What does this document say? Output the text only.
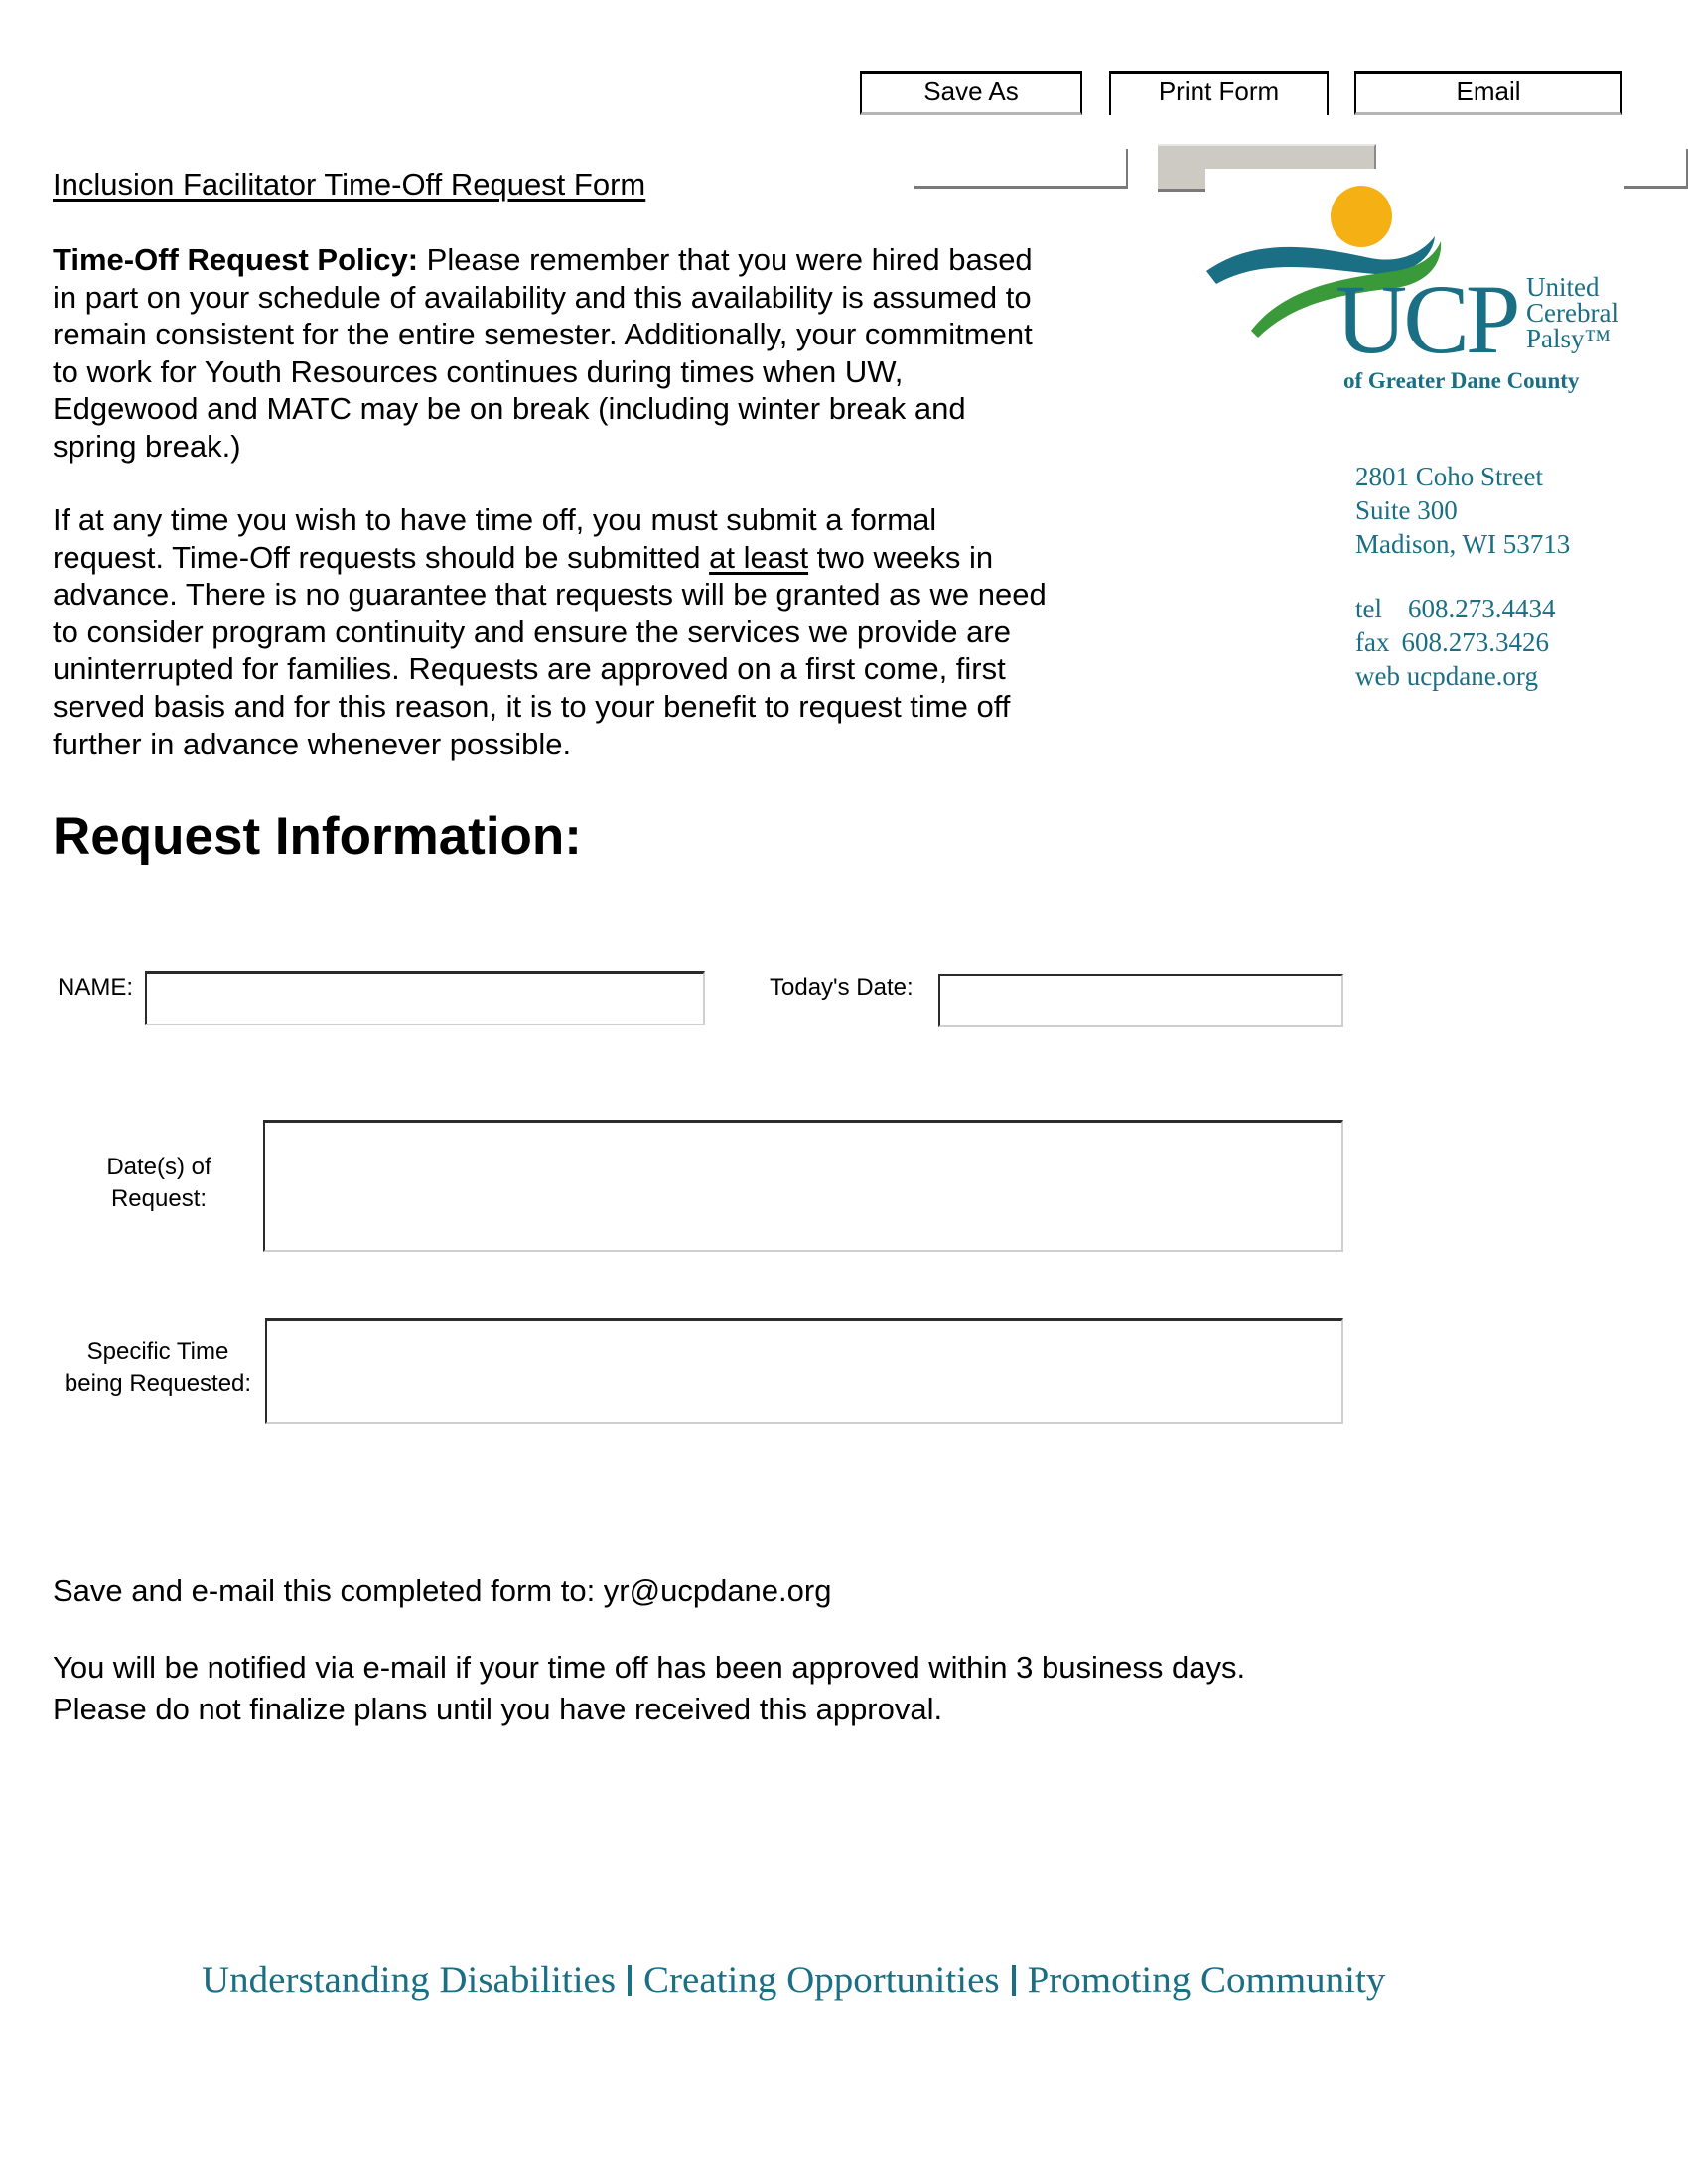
Save As	Print Form	Email
Inclusion Facilitator Time-Off Request Form
Time-Off Request Policy: Please remember that you were hired based
in part on your schedule of availability and this availability is assumed to
remain consistent for the entire semester. Additionally, your commitment
to work for Youth Resources continues during times when UW,
Edgewood and MATC may be on break (including winter break and
spring break.)
If at any time you wish to have time off, you must submit a formal
request. Time-Off requests should be submitted at least two weeks in
advance. There is no guarantee that requests will be granted as we need
to consider program continuity and ensure the services we provide are
uninterrupted for families. Requests are approved on a first come, first
served basis and for this reason, it is to your benefit to request time off
further in advance whenever possible.
UCP United
Cerebral
Palsy™
of Greater Dane County
2801 Coho Street
Suite 300
Madison, WI 53713
tel 608.273.4434
fax 608.273.3426
web ucpdane.org
Request Information:
NAME:	Today's Date:
Date(s) of
Request:
Specific Time
being Requested:
Save and e-mail this completed form to: yr@ucpdane.org
You will be notified via e-mail if your time off has been approved within 3 business days.
Please do not finalize plans until you have received this approval.
Understanding Disabilities Creating Opportunities Promoting Community
